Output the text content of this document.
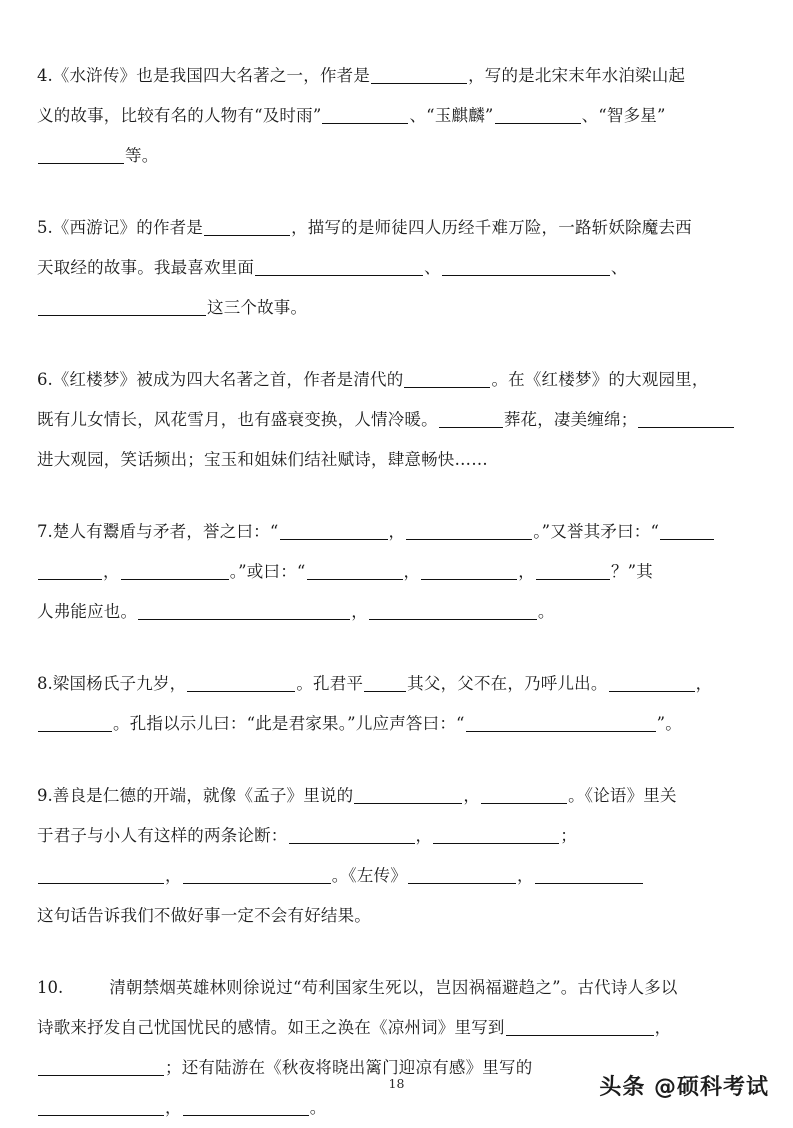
4.《水浒传》也是我国四大名著之一，作者是	，写的是北宋末年水泊梁山起
义的故事，比较有名的人物有“及时雨”	、“玉麒麟”	、“智多星”
等。
5.《西游记》的作者是	，描写的是师徒四人历经千难万险，一路斩妖除魔去西
天取经的故事。我最喜欢里面	、	、
这三个故事。
6.《红楼梦》被成为四大名著之首，作者是清代的	。在《红楼梦》的大观园里，
既有儿女情长，风花雪月，也有盛衰变换，人情冷暖。	葬花，凄美缠绵；
进大观园，笑话频出；宝玉和姐妹们结社赋诗，肆意畅快……
7.楚人有鬻盾与矛者，誉之曰：“	，	。”又誉其矛曰：“
，	。”或曰：“	，	，	？”其
人弗能应也。	，	。
8.梁国杨氏子九岁，	。孔君平	其父，父不在，乃呼儿出。	，
。孔指以示儿曰：“此是君家果。”儿应声答曰：“	”。
9.善良是仁德的开端，就像《孟子》里说的	，	。《论语》里关
于君子与小人有这样的两条论断：	，	；
，	。《左传》	，
这句话告诉我们不做好事一定不会有好结果。
10.	清朝禁烟英雄林则徐说过“苟利国家生死以，岂因祸福避趋之”。古代诗人多以
诗歌来抒发自己忧国忧民的感情。如王之涣在《凉州词》里写到	，
；还有陆游在《秋夜将晓出篱门迎凉有感》里写的
，	。
18	头条 @硕科考试
